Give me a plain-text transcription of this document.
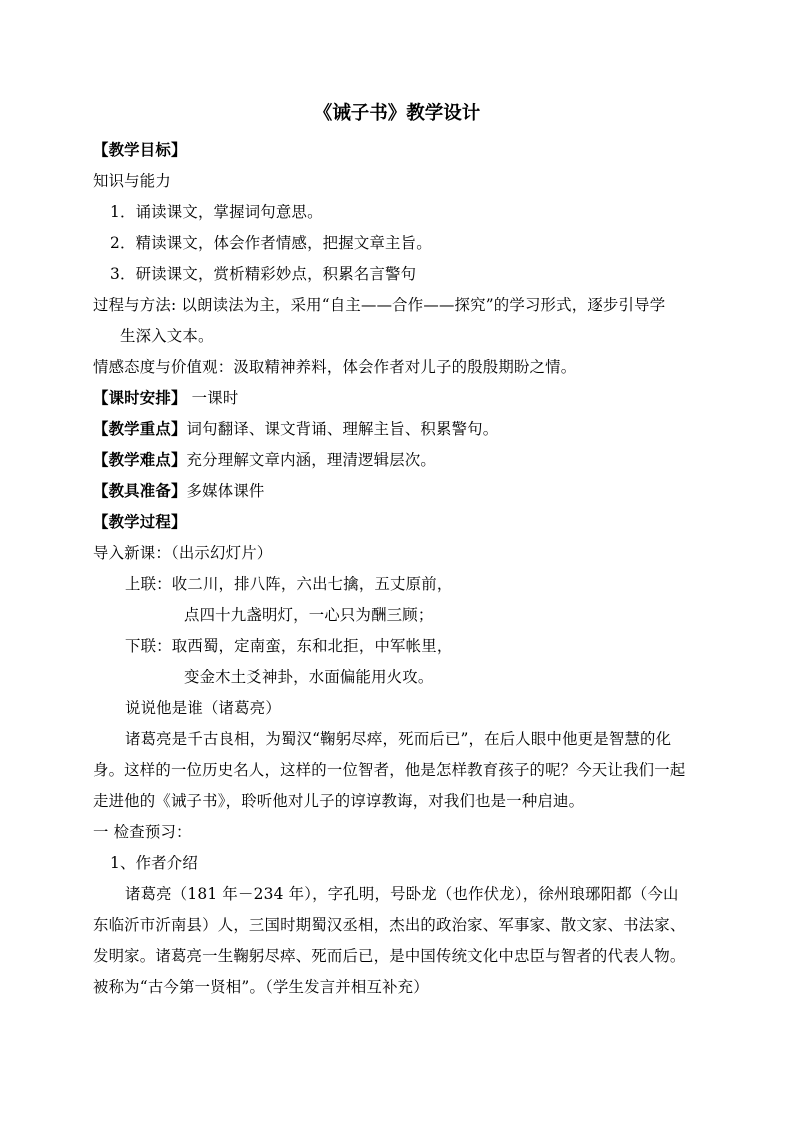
《诫子书》教学设计
【教学目标】
知识与能力
1．诵读课文，掌握词句意思。
2．精读课文，体会作者情感，把握文章主旨。
3．研读课文，赏析精彩妙点，积累名言警句
过程与方法: 以朗读法为主，采用“自主——合作——探究”的学习形式，逐步引导学
生深入文本。
情感态度与价值观：汲取精神养料，体会作者对儿子的殷殷期盼之情。
【课时安排】 一课时
【教学重点】词句翻译、课文背诵、理解主旨、积累警句。
【教学难点】充分理解文章内涵，理清逻辑层次。
【教具准备】多媒体课件
【教学过程】
导入新课：（出示幻灯片）
上联：收二川，排八阵，六出七擒，五丈原前，
点四十九盏明灯，一心只为酬三顾；
下联：取西蜀，定南蛮，东和北拒，中军帐里，
变金木土爻神卦，水面偏能用火攻。
说说他是谁（诸葛亮）
诸葛亮是千古良相，为蜀汉“鞠躬尽瘁，死而后已”，在后人眼中他更是智慧的化
身。这样的一位历史名人，这样的一位智者，他是怎样教育孩子的呢？今天让我们一起
走进他的《诫子书》，聆听他对儿子的谆谆教诲，对我们也是一种启迪。
一 检查预习：
1、作者介绍
诸葛亮（181 年－234 年），字孔明，号卧龙（也作伏龙），徐州琅琊阳都（今山
东临沂市沂南县）人，三国时期蜀汉丞相，杰出的政治家、军事家、散文家、书法家、
发明家。诸葛亮一生鞠躬尽瘁、死而后已，是中国传统文化中忠臣与智者的代表人物。
被称为“古今第一贤相”。（学生发言并相互补充）
